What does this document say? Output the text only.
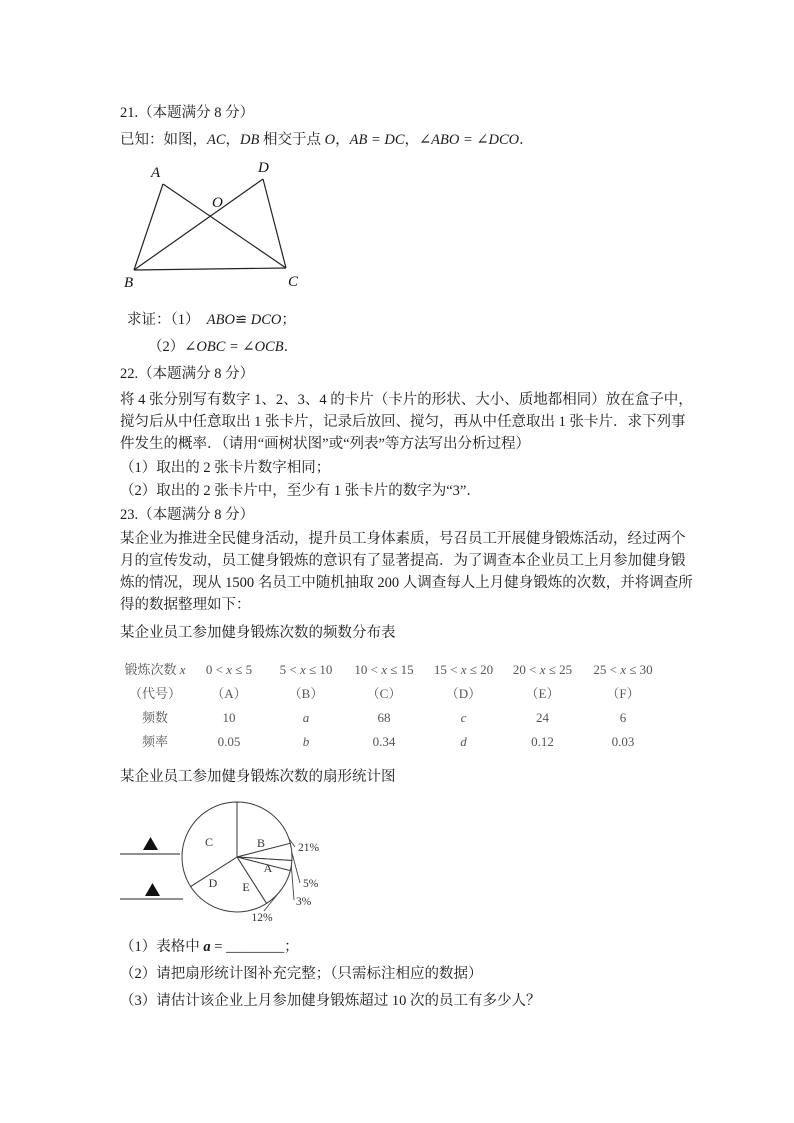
21.（本题满分 8 分）
已知：如图，AC，DB 相交于点 O，AB = DC，∠ABO = ∠DCO．
A	D
B	C
O
求证：（1）　ABO≌ DCO；
（2）∠OBC = ∠OCB．
22.（本题满分 8 分）
将 4 张分别写有数字 1、2、3、4 的卡片（卡片的形状、大小、质地都相同）放在盒子中，
搅匀后从中任意取出 1 张卡片，记录后放回、搅匀，再从中任意取出 1 张卡片．求下列事
件发生的概率．（请用“画树状图”或“列表”等方法写出分析过程）
（1）取出的 2 张卡片数字相同；
（2）取出的 2 张卡片中，至少有 1 张卡片的数字为“3”．
23.（本题满分 8 分）
某企业为推进全民健身活动，提升员工身体素质，号召员工开展健身锻炼活动，经过两个
月的宣传发动，员工健身锻炼的意识有了显著提高．为了调查本企业员工上月参加健身锻
炼的情况，现从 1500 名员工中随机抽取 200 人调查每人上月健身锻炼的次数，并将调查所
得的数据整理如下：
某企业员工参加健身锻炼次数的频数分布表
锻炼次数 x	0 < x ≤ 5	5 < x ≤ 10	10 < x ≤ 15	15 < x ≤ 20	20 < x ≤ 25	25 < x ≤ 30
（代号）	（A）	（B）	（C）	（D）	（E）	（F）
频数	10	a	68	c	24	6
频率	0.05	b	0.34	d	0.12	0.03
某企业员工参加健身锻炼次数的扇形统计图
B	21%
A
5%
3%
E
12%
D
C
（1）表格中 a = ________；
（2）请把扇形统计图补充完整；（只需标注相应的数据）
（3）请估计该企业上月参加健身锻炼超过 10 次的员工有多少人？
